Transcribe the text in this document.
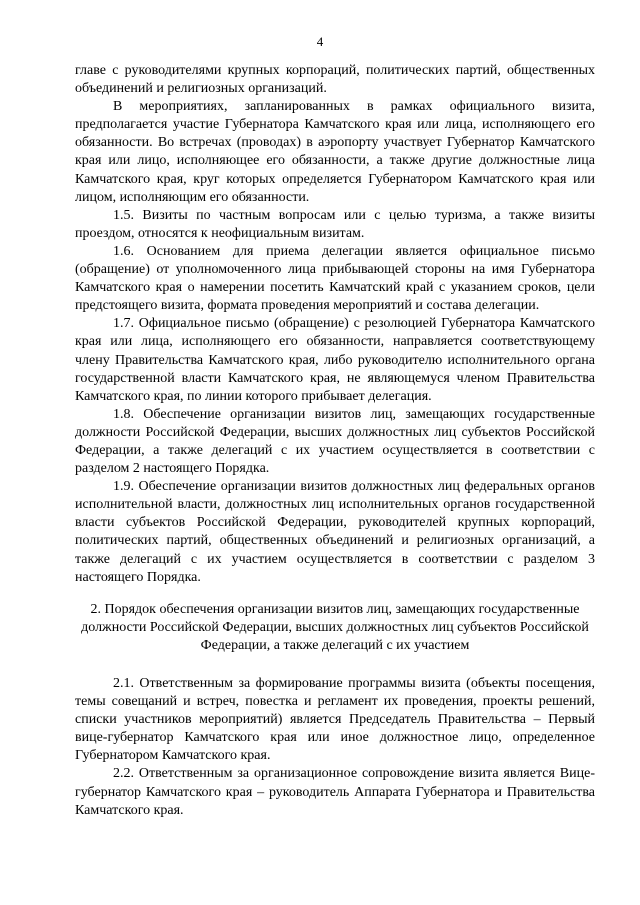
4

главе с руководителями крупных корпораций, политических партий, общественных объединений и религиозных организаций.

В мероприятиях, запланированных в рамках официального визита, предполагается участие Губернатора Камчатского края или лица, исполняющего его обязанности. Во встречах (проводах) в аэропорту участвует Губернатор Камчатского края или лицо, исполняющее его обязанности, а также другие должностные лица Камчатского края, круг которых определяется Губернатором Камчатского края или лицом, исполняющим его обязанности.

1.5. Визиты по частным вопросам или с целью туризма, а также визиты проездом, относятся к неофициальным визитам.

1.6. Основанием для приема делегации является официальное письмо (обращение) от уполномоченного лица прибывающей стороны на имя Губернатора Камчатского края о намерении посетить Камчатский край с указанием сроков, цели предстоящего визита, формата проведения мероприятий и состава делегации.

1.7. Официальное письмо (обращение) с резолюцией Губернатора Камчатского края или лица, исполняющего его обязанности, направляется соответствующему члену Правительства Камчатского края, либо руководителю исполнительного органа государственной власти Камчатского края, не являющемуся членом Правительства Камчатского края, по линии которого прибывает делегация.

1.8. Обеспечение организации визитов лиц, замещающих государственные должности Российской Федерации, высших должностных лиц субъектов Российской Федерации, а также делегаций с их участием осуществляется в соответствии с разделом 2 настоящего Порядка.

1.9. Обеспечение организации визитов должностных лиц федеральных органов исполнительной власти, должностных лиц исполнительных органов государственной власти субъектов Российской Федерации, руководителей крупных корпораций, политических партий, общественных объединений и религиозных организаций, а также делегаций с их участием осуществляется в соответствии с разделом 3 настоящего Порядка.

2. Порядок обеспечения организации визитов лиц, замещающих государственные должности Российской Федерации, высших должностных лиц субъектов Российской Федерации, а также делегаций с их участием

2.1. Ответственным за формирование программы визита (объекты посещения, темы совещаний и встреч, повестка и регламент их проведения, проекты решений, списки участников мероприятий) является Председатель Правительства – Первый вице-губернатор Камчатского края или иное должностное лицо, определенное Губернатором Камчатского края.

2.2. Ответственным за организационное сопровождение визита является Вице-губернатор Камчатского края – руководитель Аппарата Губернатора и Правительства Камчатского края.
